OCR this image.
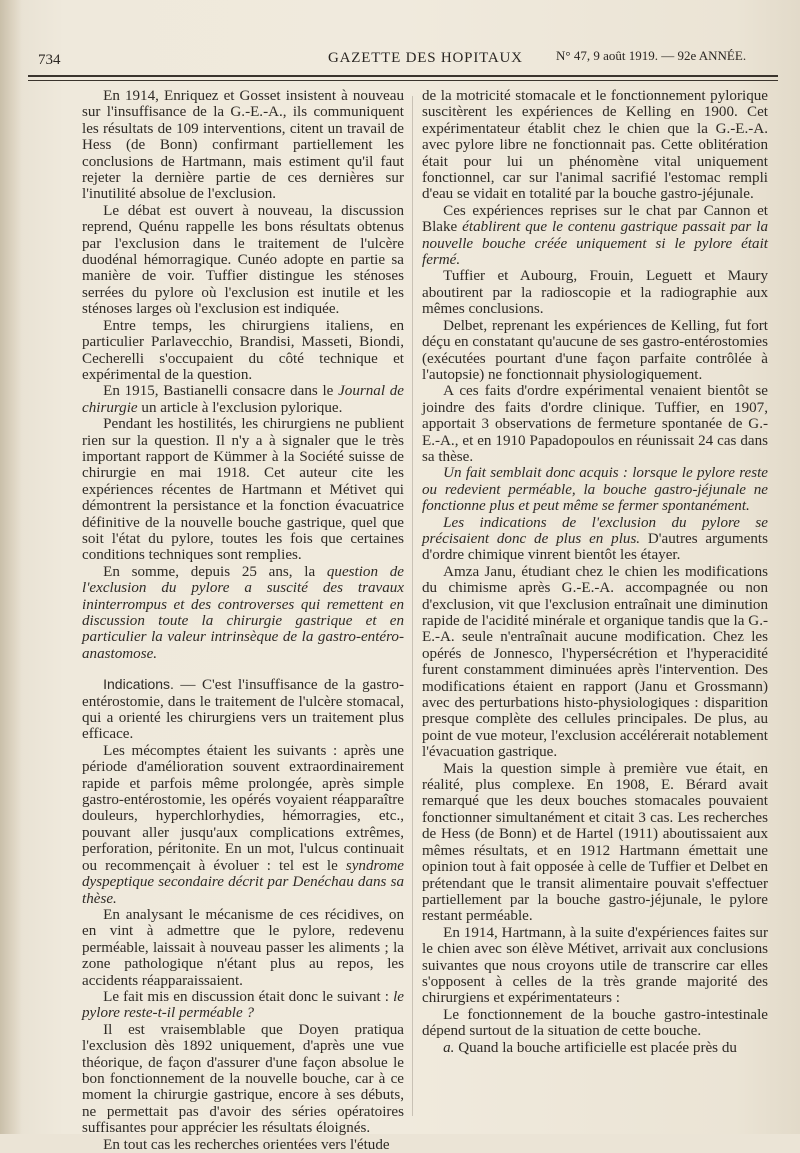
734	GAZETTE DES HOPITAUX	N° 47, 9 août 1919. — 92e ANNÉE.

En 1914, Enriquez et Gosset insistent à nouveau sur l'insuffisance de la G.-E.-A., ils communiquent les résultats de 109 interventions, citent un travail de Hess (de Bonn) confirmant partiellement les conclusions de Hartmann, mais estiment qu'il faut rejeter la dernière partie de ces dernières sur l'inutilité absolue de l'exclusion.

Le débat est ouvert à nouveau, la discussion reprend, Quénu rappelle les bons résultats obtenus par l'exclusion dans le traitement de l'ulcère duodénal hémorragique. Cunéo adopte en partie sa manière de voir. Tuffier distingue les sténoses serrées du pylore où l'exclusion est inutile et les sténoses larges où l'exclusion est indiquée.

Entre temps, les chirurgiens italiens, en particulier Parlavecchio, Brandisi, Masseti, Biondi, Cecherelli s'occupaient du côté technique et expérimental de la question.

En 1915, Bastianelli consacre dans le Journal de chirurgie un article à l'exclusion pylorique.

Pendant les hostilités, les chirurgiens ne publient rien sur la question. Il n'y a à signaler que le très important rapport de Kümmer à la Société suisse de chirurgie en mai 1918. Cet auteur cite les expériences récentes de Hartmann et Métivet qui démontrent la persistance et la fonction évacuatrice définitive de la nouvelle bouche gastrique, quel que soit l'état du pylore, toutes les fois que certaines conditions techniques sont remplies.

En somme, depuis 25 ans, la question de l'exclusion du pylore a suscité des travaux ininterrompus et des controverses qui remettent en discussion toute la chirurgie gastrique et en particulier la valeur intrinsèque de la gastro-entéro-anastomose.

Indications. — C'est l'insuffisance de la gastro-entérostomie, dans le traitement de l'ulcère stomacal, qui a orienté les chirurgiens vers un traitement plus efficace.

Les mécomptes étaient les suivants : après une période d'amélioration souvent extraordinairement rapide et parfois même prolongée, après simple gastro-entérostomie, les opérés voyaient réapparaître douleurs, hyperchlorhydies, hémorragies, etc., pouvant aller jusqu'aux complications extrêmes, perforation, péritonite. En un mot, l'ulcus continuait ou recommençait à évoluer : tel est le syndrome dyspeptique secondaire décrit par Denéchau dans sa thèse.

En analysant le mécanisme de ces récidives, on en vint à admettre que le pylore, redevenu perméable, laissait à nouveau passer les aliments ; la zone pathologique n'étant plus au repos, les accidents réapparaissaient.

Le fait mis en discussion était donc le suivant : le pylore reste-t-il perméable ?

Il est vraisemblable que Doyen pratiqua l'exclusion dès 1892 uniquement, d'après une vue théorique, de façon d'assurer d'une façon absolue le bon fonctionnement de la nouvelle bouche, car à ce moment la chirurgie gastrique, encore à ses débuts, ne permettait pas d'avoir des séries opératoires suffisantes pour apprécier les résultats éloignés.

En tout cas les recherches orientées vers l'étude

de la motricité stomacale et le fonctionnement pylorique suscitèrent les expériences de Kelling en 1900. Cet expérimentateur établit chez le chien que la G.-E.-A. avec pylore libre ne fonctionnait pas. Cette oblitération était pour lui un phénomène vital uniquement fonctionnel, car sur l'animal sacrifié l'estomac rempli d'eau se vidait en totalité par la bouche gastro-jéjunale.

Ces expériences reprises sur le chat par Cannon et Blake établirent que le contenu gastrique passait par la nouvelle bouche créée uniquement si le pylore était fermé.

Tuffier et Aubourg, Frouin, Leguett et Maury aboutirent par la radioscopie et la radiographie aux mêmes conclusions.

Delbet, reprenant les expériences de Kelling, fut fort déçu en constatant qu'aucune de ses gastro-entérostomies (exécutées pourtant d'une façon parfaite contrôlée à l'autopsie) ne fonctionnait physiologiquement.

A ces faits d'ordre expérimental venaient bientôt se joindre des faits d'ordre clinique. Tuffier, en 1907, apportait 3 observations de fermeture spontanée de G.-E.-A., et en 1910 Papadopoulos en réunissait 24 cas dans sa thèse.

Un fait semblait donc acquis : lorsque le pylore reste ou redevient perméable, la bouche gastro-jéjunale ne fonctionne plus et peut même se fermer spontanément.

Les indications de l'exclusion du pylore se précisaient donc de plus en plus. D'autres arguments d'ordre chimique vinrent bientôt les étayer.

Amza Janu, étudiant chez le chien les modifications du chimisme après G.-E.-A. accompagnée ou non d'exclusion, vit que l'exclusion entraînait une diminution rapide de l'acidité minérale et organique tandis que la G.-E.-A. seule n'entraînait aucune modification. Chez les opérés de Jonnesco, l'hypersécrétion et l'hyperacidité furent constamment diminuées après l'intervention. Des modifications étaient en rapport (Janu et Grossmann) avec des perturbations histo-physiologiques : disparition presque complète des cellules principales. De plus, au point de vue moteur, l'exclusion accélérerait notablement l'évacuation gastrique.

Mais la question simple à première vue était, en réalité, plus complexe. En 1908, E. Bérard avait remarqué que les deux bouches stomacales pouvaient fonctionner simultanément et citait 3 cas. Les recherches de Hess (de Bonn) et de Hartel (1911) aboutissaient aux mêmes résultats, et en 1912 Hartmann émettait une opinion tout à fait opposée à celle de Tuffier et Delbet en prétendant que le transit alimentaire pouvait s'effectuer partiellement par la bouche gastro-jéjunale, le pylore restant perméable.

En 1914, Hartmann, à la suite d'expériences faites sur le chien avec son élève Métivet, arrivait aux conclusions suivantes que nous croyons utile de transcrire car elles s'opposent à celles de la très grande majorité des chirurgiens et expérimentateurs :

Le fonctionnement de la bouche gastro-intestinale dépend surtout de la situation de cette bouche.

a. Quand la bouche artificielle est placée près du
